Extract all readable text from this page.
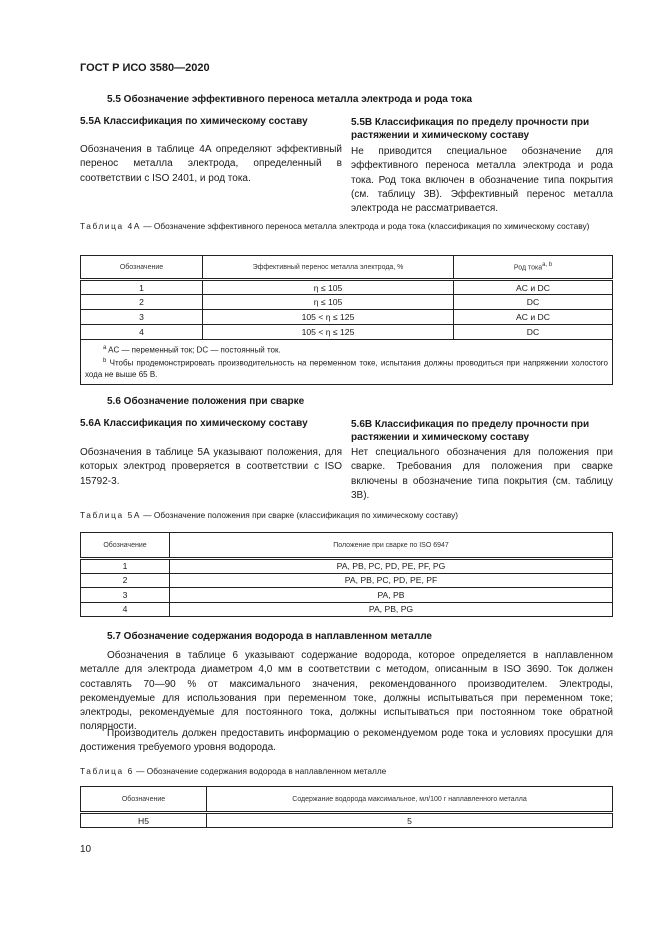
ГОСТ Р ИСО 3580—2020
5.5 Обозначение эффективного переноса металла электрода и рода тока
5.5A Классификация по химическому составу
Обозначения в таблице 4A определяют эффективный перенос металла электрода, определенный в соответствии с ISO 2401, и род тока.
5.5B Классификация по пределу прочности при растяжении и химическому составу
Не приводится специальное обозначение для эффективного переноса металла электрода и рода тока. Род тока включен в обозначение типа покрытия (см. таблицу 3B). Эффективный перенос металла электрода не рассматривается.
Таблица 4A — Обозначение эффективного переноса металла электрода и рода тока (классификация по химическому составу)
Обозначение	Эффективный перенос металла электрода, %	Род тока$^{a, b}$
1	η ≤ 105	AC и DC
2	η ≤ 105	DC
3	105 < η ≤ 125	AC и DC
4	105 < η ≤ 125	DC

$^a$ AC — переменный ток; DC — постоянный ток.
$^b$ Чтобы продемонстрировать производительность на переменном токе, испытания должны проводиться при напряжении холостого хода не выше 65 В.		
5.6 Обозначение положения при сварке
5.6A Классификация по химическому составу
Обозначения в таблице 5A указывают положения, для которых электрод проверяется в соответствии с ISO 15792-3.
5.6B Классификация по пределу прочности при растяжении и химическому составу
Нет специального обозначения для положения при сварке. Требования для положения при сварке включены в обозначение типа покрытия (см. таблицу 3B).
Таблица 5A — Обозначение положения при сварке (классификация по химическому составу)
Обозначение	Положение при сварке по ISO 6947
1	PA, PB, PC, PD, PE, PF, PG
2	PA, PB, PC, PD, PE, PF
3	PA, PB
4	PA, PB, PG
5.7 Обозначение содержания водорода в наплавленном металле
Обозначения в таблице 6 указывают содержание водорода, которое определяется в наплавленном металле для электрода диаметром 4,0 мм в соответствии с методом, описанным в ISO 3690. Ток должен составлять 70—90 % от максимального значения, рекомендованного производителем. Электроды, рекомендуемые для использования при переменном токе, должны испытываться при переменном токе; электроды, рекомендуемые для постоянного тока, должны испытываться при постоянном токе обратной полярности.
Производитель должен предоставить информацию о рекомендуемом роде тока и условиях просушки для достижения требуемого уровня водорода.
Таблица 6 — Обозначение содержания водорода в наплавленном металле
Обозначение	Содержание водорода максимальное, мл/100 г наплавленного металла
H5	5
10
